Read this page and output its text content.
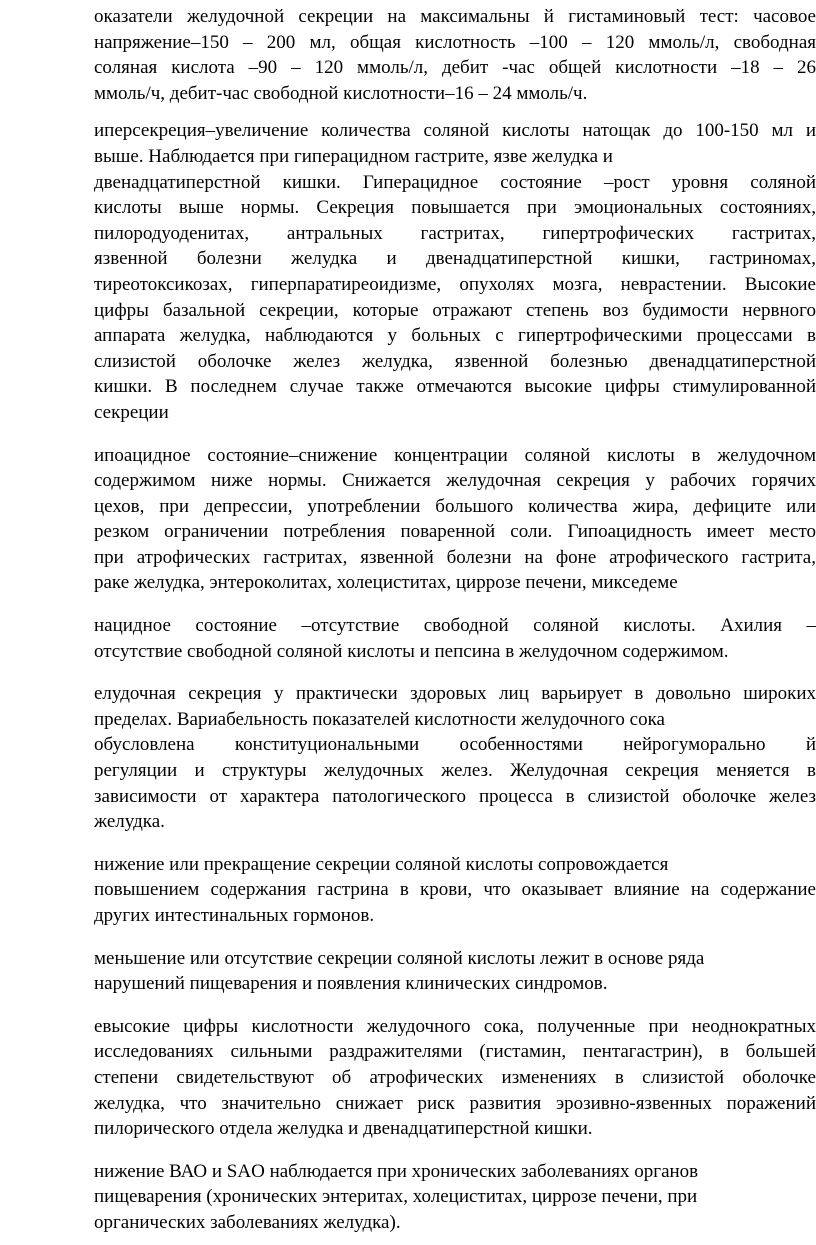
оказатели желудочной секреции на максимальны й гистаминовый тест: часовое
напряжение–150 – 200 мл, общая кислотность –100 – 120 ммоль/л, свободная
соляная кислота –90 – 120 ммоль/л, дебит -час общей кислотности –18 – 26
ммоль/ч, дебит-час свободной кислотности–16 – 24 ммоль/ч.

иперсекреция–увеличение количества соляной кислоты натощак до 100-150 мл и
выше. Наблюдается при гиперацидном гастрите, язве желудка и
двенадцатиперстной кишки. Гиперацидное состояние –рост уровня соляной
кислоты выше нормы. Секреция повышается при эмоциональных состояниях,
пилородуоденитах, антральных гастритах, гипертрофических гастритах,
язвенной болезни желудка и двенадцатиперстной кишки, гастриномах,
тиреотоксикозах, гиперпаратиреоидизме, опухолях мозга, неврастении. Высокие
цифры базальной секреции, которые отражают степень воз будимости нервного
аппарата желудка, наблюдаются у больных с гипертрофическими процессами в
слизистой оболочке желез желудка, язвенной болезнью двенадцатиперстной
кишки. В последнем случае также отмечаются высокие цифры стимулированной
секреции

ипоацидное состояние–снижение концентрации соляной кислоты в желудочном
содержимом ниже нормы. Снижается желудочная секреция у рабочих горячих
цехов, при депрессии, употреблении большого количества жира, дефиците или
резком ограничении потребления поваренной соли. Гипоацидность имеет место
при атрофических гастритах, язвенной болезни на фоне атрофического гастрита,
раке желудка, энтероколитах, холециститах, циррозе печени, микседеме

нацидное состояние –отсутствие свободной соляной кислоты. Ахилия –
отсутствие свободной соляной кислоты и пепсина в желудочном содержимом.

елудочная секреция у практически здоровых лиц варьирует в довольно широких
пределах. Вариабельность показателей кислотности желудочного сока
обусловлена конституциональными особенностями нейрогуморально й
регуляции и структуры желудочных желез. Желудочная секреция меняется в
зависимости от характера патологического процесса в слизистой оболочке желез
желудка.

нижение или прекращение секреции соляной кислоты сопровождается
повышением содержания гастрина в крови, что оказывает влияние на содержание
других интестинальных гормонов.

меньшение или отсутствие секреции соляной кислоты лежит в основе ряда
нарушений пищеварения и появления клинических синдромов.

евысокие цифры кислотности желудочного сока, полученные при неоднократных
исследованиях сильными раздражителями (гистамин, пентагастрин), в большей
степени свидетельствуют об атрофических изменениях в слизистой оболочке
желудка, что значительно снижает риск развития эрозивно-язвенных поражений
пилорического отдела желудка и двенадцатиперстной кишки.

нижение ВАО и SAO наблюдается при хронических заболеваниях органов
пищеварения (хронических энтеритах, холециститах, циррозе печени, при
органических заболеваниях желудка).
